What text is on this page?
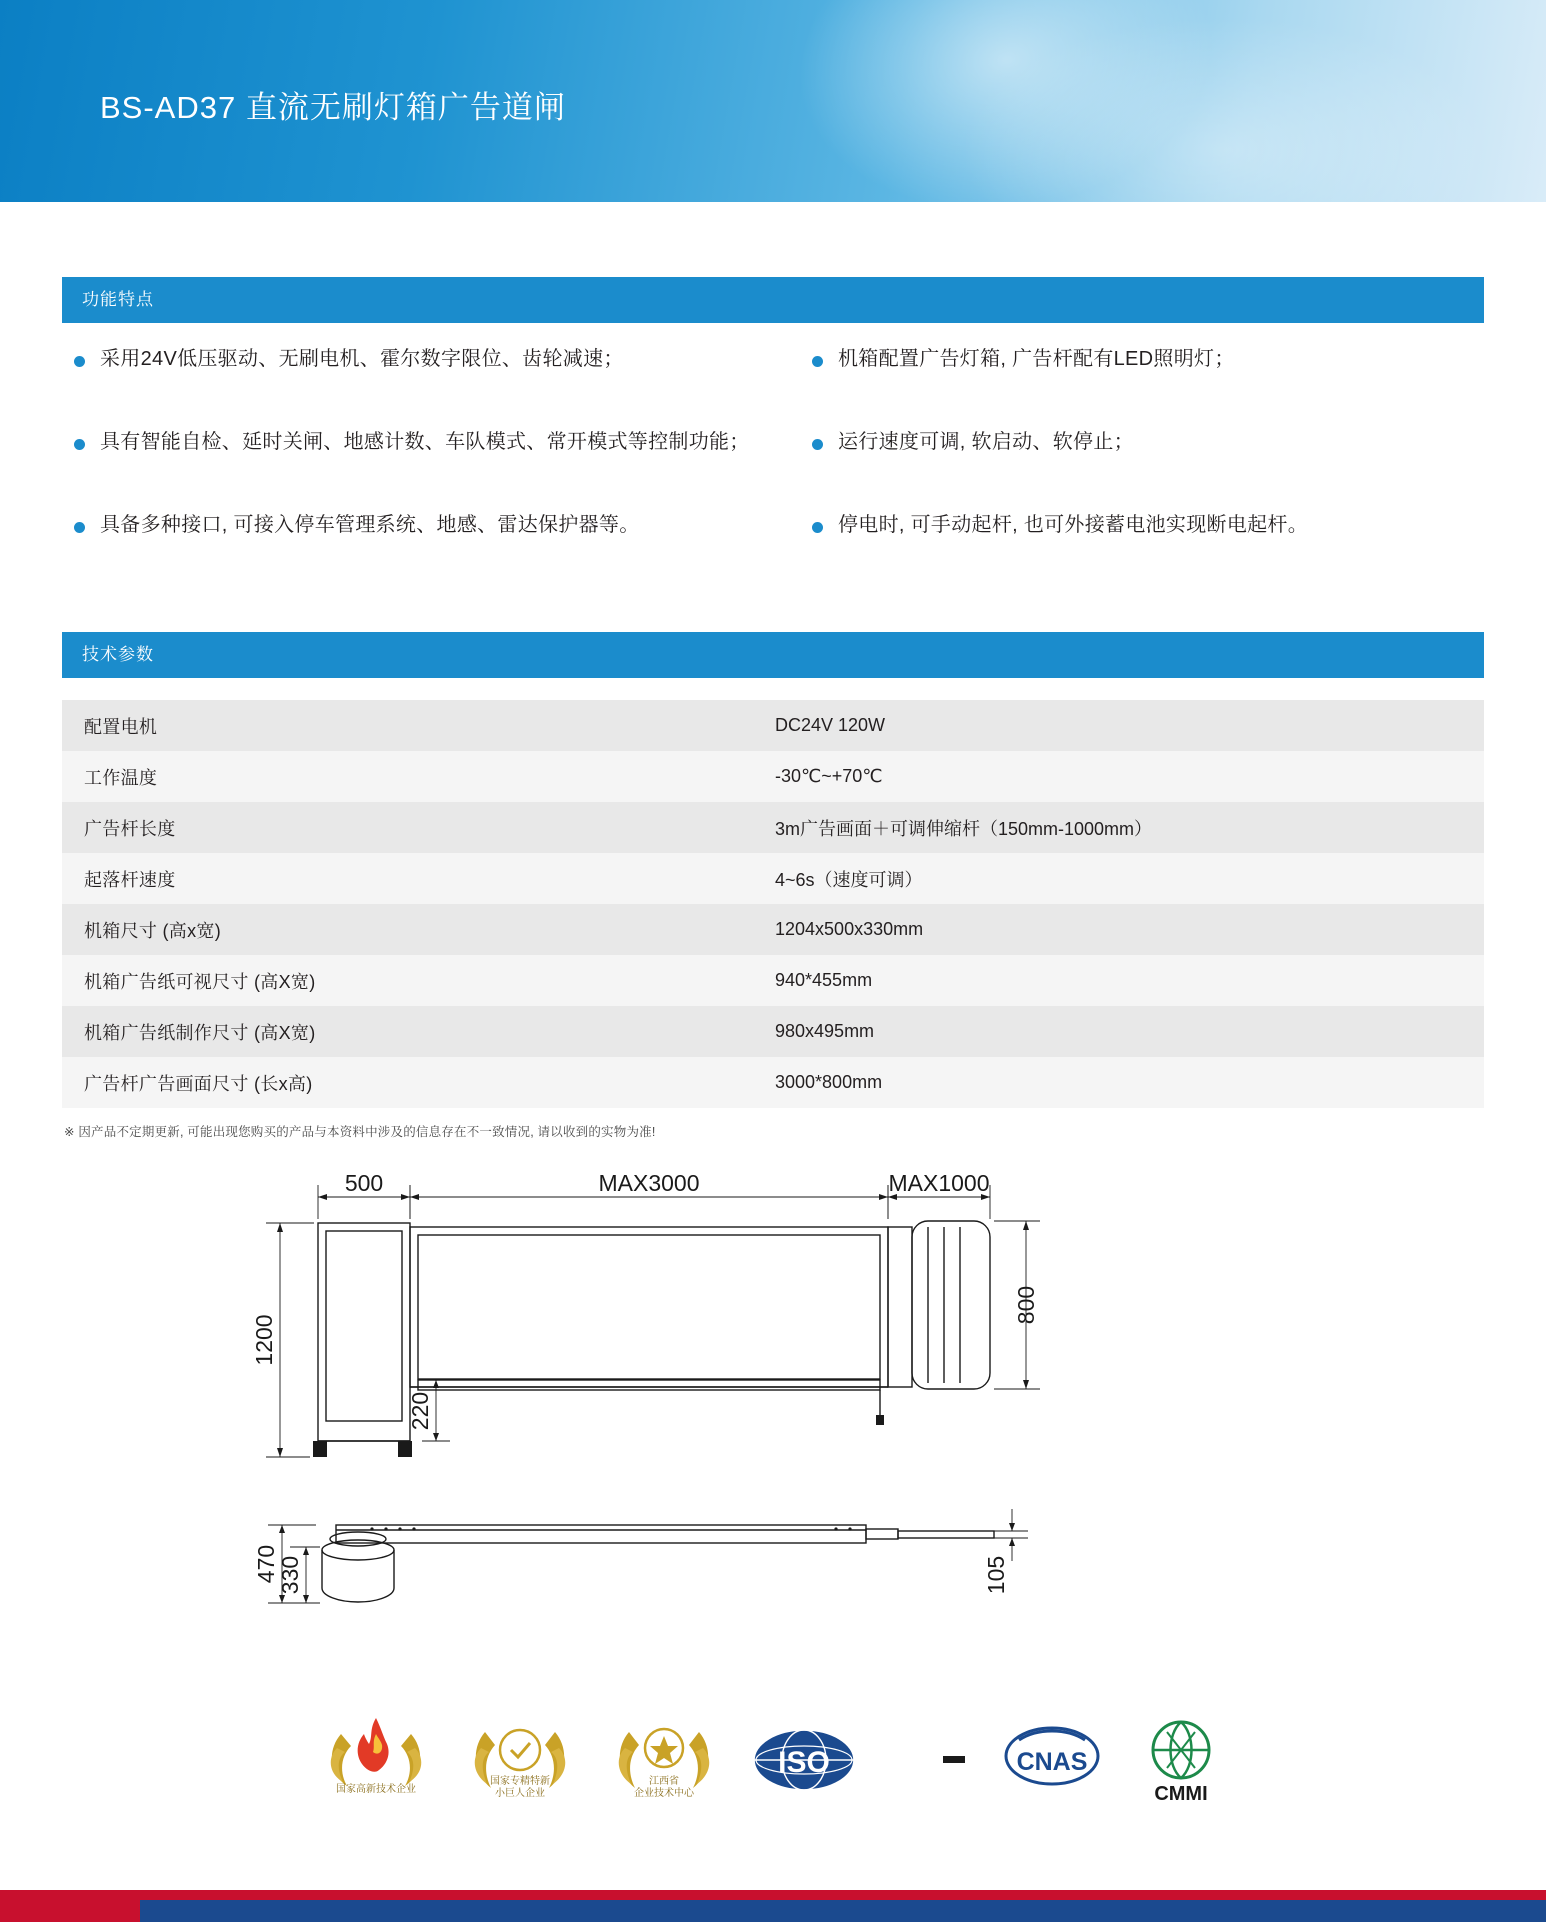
BS-AD37 直流无刷灯箱广告道闸
功能特点
采用24V低压驱动、无刷电机、霍尔数字限位、齿轮减速；
具有智能自检、延时关闸、地感计数、车队模式、常开模式等控制功能；
具备多种接口, 可接入停车管理系统、地感、雷达保护器等。
机箱配置广告灯箱, 广告杆配有LED照明灯；
运行速度可调, 软启动、软停止；
停电时, 可手动起杆, 也可外接蓄电池实现断电起杆。
技术参数
配置电机	DC24V 120W
工作温度	-30℃~+70℃
广告杆长度	3m广告画面＋可调伸缩杆（150mm-1000mm）
起落杆速度	4~6s（速度可调）
机箱尺寸 (高x宽)	1204x500x330mm
机箱广告纸可视尺寸 (高X宽)	940*455mm
机箱广告纸制作尺寸 (高X宽)	980x495mm
广告杆广告画面尺寸 (长x高)	3000*800mm
※ 因产品不定期更新, 可能出现您购买的产品与本资料中涉及的信息存在不一致情况, 请以收到的实物为准!
500	MAX3000	MAX1000
1200
800
220
470
330	105
国家高新技术企业
国家专精特新
小巨人企业
江西省
企业技术中心
ISO	CNAS
CMMI
